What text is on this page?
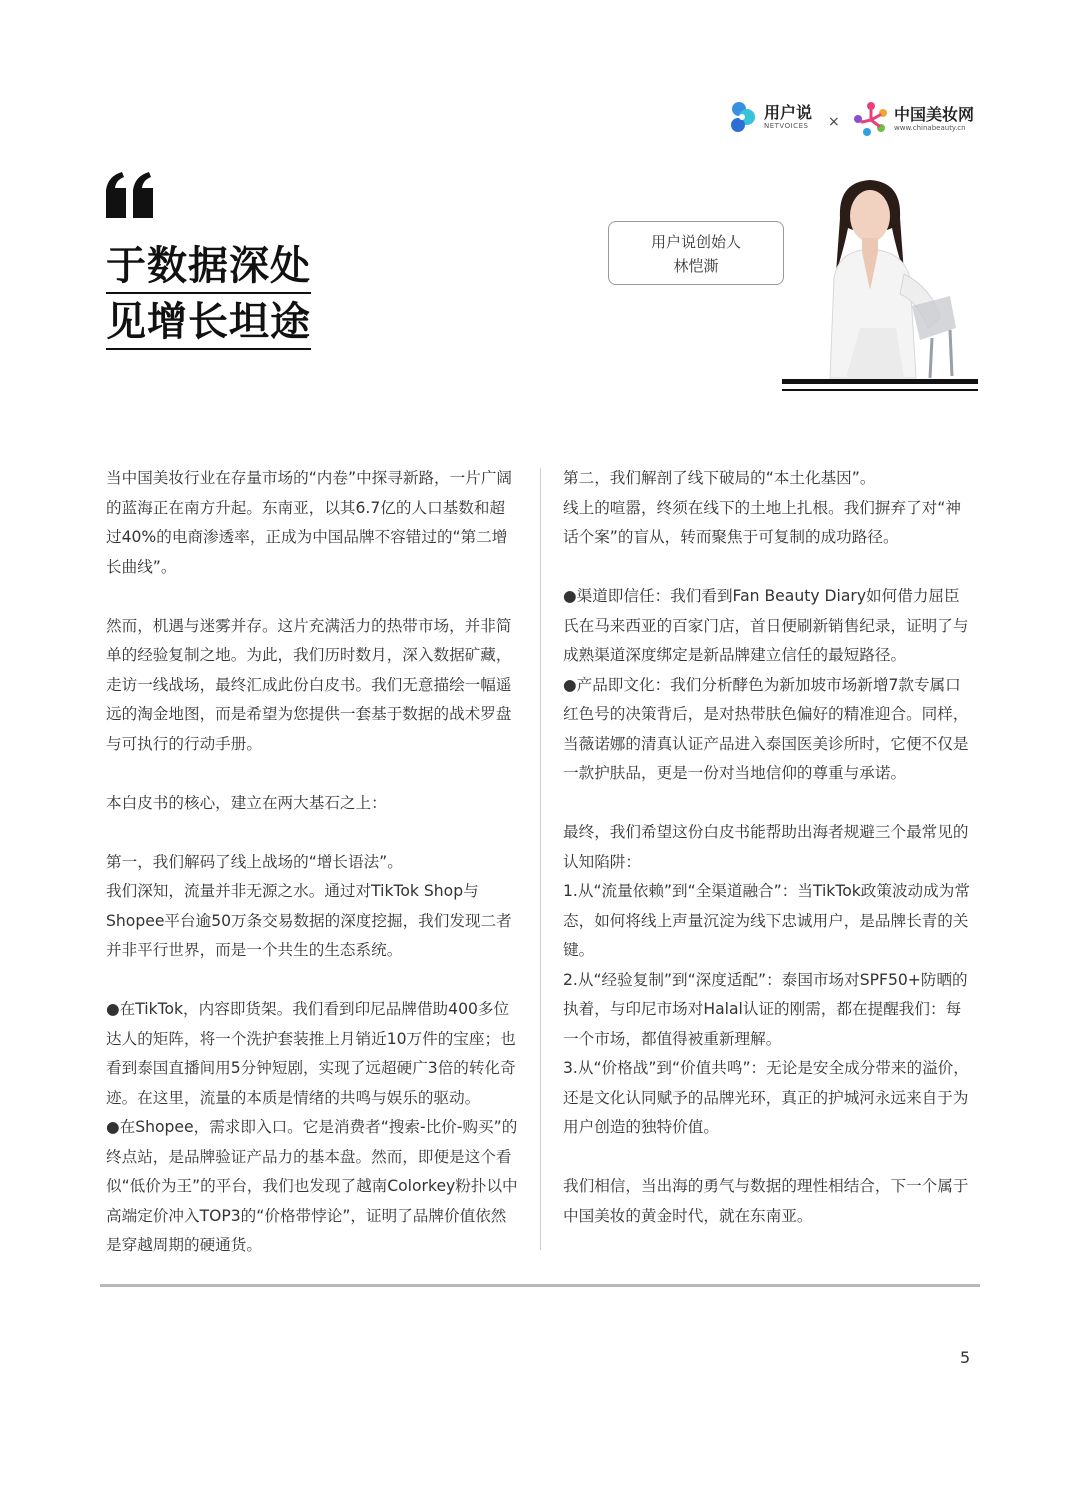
用户说
NETVOICES ×	中国美妆网
www.chinabeauty.cn
于数据深处
见增长坦途
用户说创始人
林恺澌

当中国美妆行业在存量市场的“内卷”中探寻新路，一片广阔的蓝海正在南方升起。东南亚，以其6.7亿的人口基数和超过40%的电商渗透率，正成为中国品牌不容错过的“第二增长曲线”。

然而，机遇与迷雾并存。这片充满活力的热带市场，并非简单的经验复制之地。为此，我们历时数月，深入数据矿藏，走访一线战场，最终汇成此份白皮书。我们无意描绘一幅遥远的淘金地图，而是希望为您提供一套基于数据的战术罗盘与可执行的行动手册。

本白皮书的核心，建立在两大基石之上：

第一，我们解码了线上战场的“增长语法”。

我们深知，流量并非无源之水。通过对TikTok Shop与Shopee平台逾50万条交易数据的深度挖掘，我们发现二者并非平行世界，而是一个共生的生态系统。

●在TikTok，内容即货架。我们看到印尼品牌借助400多位达人的矩阵，将一个洗护套装推上月销近10万件的宝座；也看到泰国直播间用5分钟短剧，实现了远超硬广3倍的转化奇迹。在这里，流量的本质是情绪的共鸣与娱乐的驱动。

●在Shopee，需求即入口。它是消费者“搜索-比价-购买”的终点站，是品牌验证产品力的基本盘。然而，即便是这个看似“低价为王”的平台，我们也发现了越南Colorkey粉扑以中高端定价冲入TOP3的“价格带悖论”，证明了品牌价值依然是穿越周期的硬通货。

第二，我们解剖了线下破局的“本土化基因”。

线上的喧嚣，终须在线下的土地上扎根。我们摒弃了对“神话个案”的盲从，转而聚焦于可复制的成功路径。

●渠道即信任：我们看到Fan Beauty Diary如何借力屈臣氏在马来西亚的百家门店，首日便刷新销售纪录，证明了与成熟渠道深度绑定是新品牌建立信任的最短路径。

●产品即文化：我们分析酵色为新加坡市场新增7款专属口红色号的决策背后，是对热带肤色偏好的精准迎合。同样，当薇诺娜的清真认证产品进入泰国医美诊所时，它便不仅是一款护肤品，更是一份对当地信仰的尊重与承诺。

最终，我们希望这份白皮书能帮助出海者规避三个最常见的认知陷阱：

1.从“流量依赖”到“全渠道融合”：当TikTok政策波动成为常态，如何将线上声量沉淀为线下忠诚用户，是品牌长青的关键。

2.从“经验复制”到“深度适配”：泰国市场对SPF50+防晒的执着，与印尼市场对Halal认证的刚需，都在提醒我们：每一个市场，都值得被重新理解。

3.从“价格战”到“价值共鸣”：无论是安全成分带来的溢价，还是文化认同赋予的品牌光环，真正的护城河永远来自于为用户创造的独特价值。

我们相信，当出海的勇气与数据的理性相结合，下一个属于中国美妆的黄金时代，就在东南亚。

5
